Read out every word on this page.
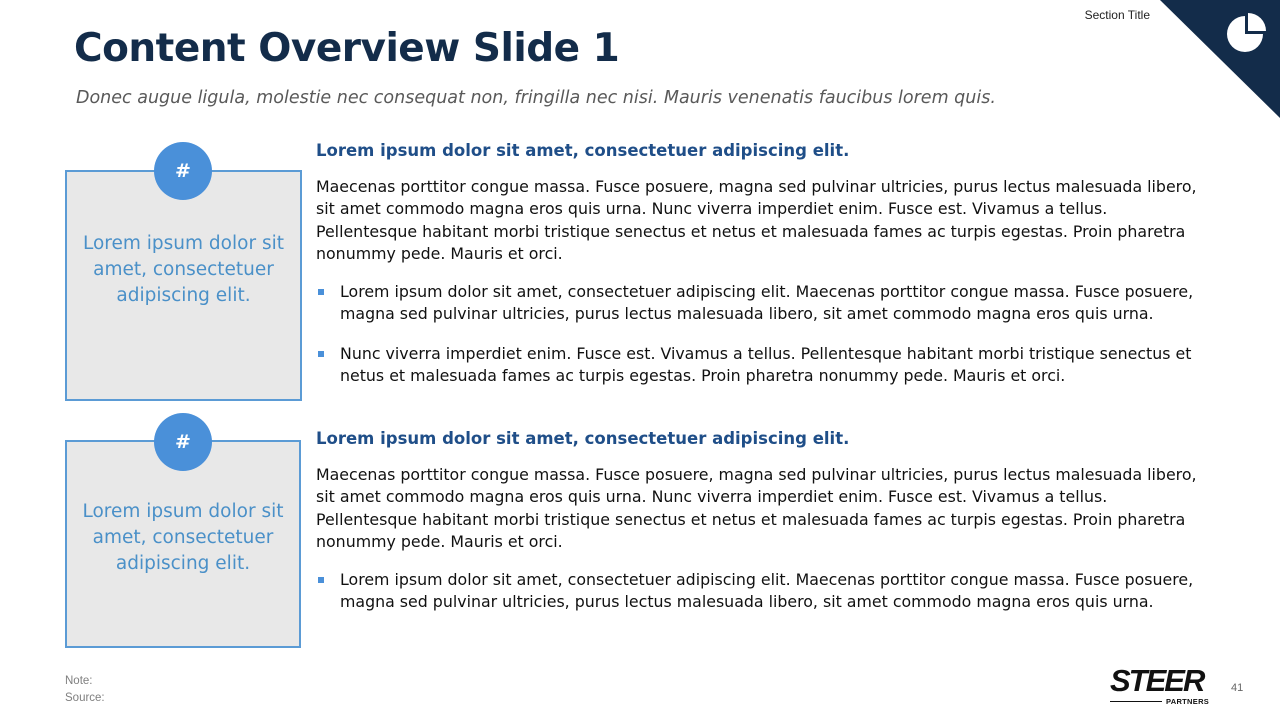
Section Title
Content Overview Slide 1
Donec augue ligula, molestie nec consequat non, fringilla nec nisi. Mauris venenatis faucibus lorem quis.
Lorem ipsum dolor sit amet, consectetuer adipiscing elit.
#
Lorem ipsum dolor sit amet, consectetuer adipiscing elit.

Maecenas porttitor congue massa. Fusce posuere, magna sed pulvinar ultricies, purus lectus malesuada libero, sit amet commodo magna eros quis urna. Nunc viverra imperdiet enim. Fusce est. Vivamus a tellus. Pellentesque habitant morbi tristique senectus et netus et malesuada fames ac turpis egestas. Proin pharetra nonummy pede. Mauris et orci.

Lorem ipsum dolor sit amet, consectetuer adipiscing elit. Maecenas porttitor congue massa. Fusce posuere, magna sed pulvinar ultricies, purus lectus malesuada libero, sit amet commodo magna eros quis urna.
Nunc viverra imperdiet enim. Fusce est. Vivamus a tellus. Pellentesque habitant morbi tristique senectus et netus et malesuada fames ac turpis egestas. Proin pharetra nonummy pede. Mauris et orci.
Lorem ipsum dolor sit amet, consectetuer adipiscing elit.
#	Lorem ipsum dolor sit amet, consectetuer adipiscing elit.

Maecenas porttitor congue massa. Fusce posuere, magna sed pulvinar ultricies, purus lectus malesuada libero, sit amet commodo magna eros quis urna. Nunc viverra imperdiet enim. Fusce est. Vivamus a tellus. Pellentesque habitant morbi tristique senectus et netus et malesuada fames ac turpis egestas. Proin pharetra nonummy pede. Mauris et orci.

Lorem ipsum dolor sit amet, consectetuer adipiscing elit. Maecenas porttitor congue massa. Fusce posuere, magna sed pulvinar ultricies, purus lectus malesuada libero, sit amet commodo magna eros quis urna.
Note:
Source:	STEER
PARTNERS
41
